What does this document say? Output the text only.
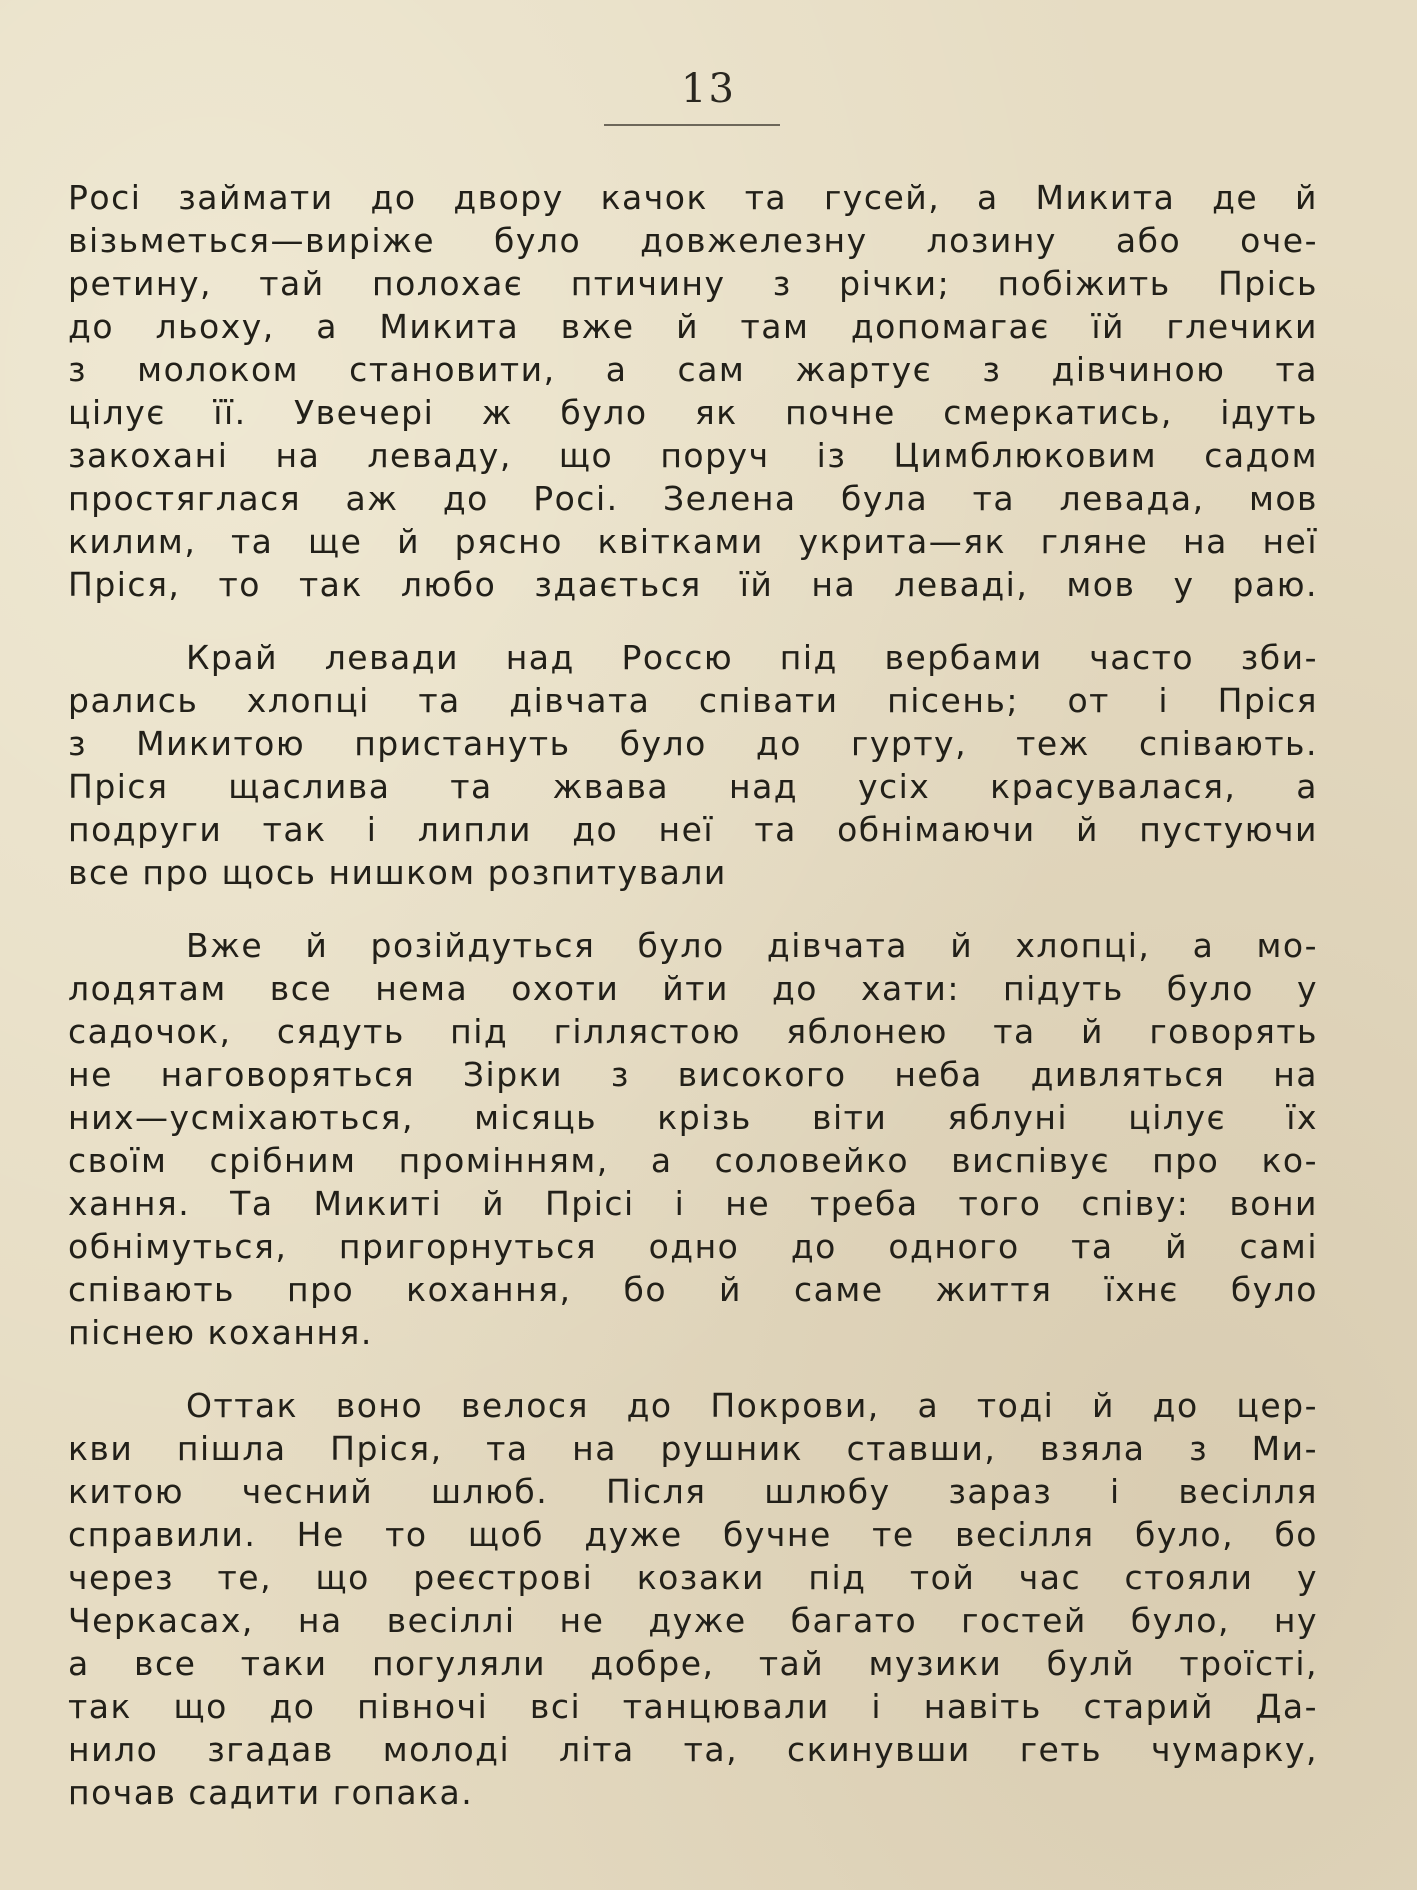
13

Росі займати до двору качок та гусей, а Микита де й
візьметься—виріже було довжелезну лозину або оче-
ретину, тай полохає птичину з річки; побіжить Прісь
до льоху, а Микита вже й там допомагає їй глечики
з молоком становити, а сам жартує з дівчиною та
цілує її. Увечері ж було як почне смеркатись, ідуть
закохані на леваду, що поруч із Цимблюковим садом
простяглася аж до Росі. Зелена була та левада, мов
килим, та ще й рясно квітками укрита—як гляне на неї
Пріся, то так любо здається їй на леваді, мов у раю.

Край левади над Россю під вербами часто зби-
рались хлопці та дівчата співати пісень; от і Пріся
з Микитою пристануть було до гурту, теж співають.
Пріся щаслива та жвава над усіх красувалася, а
подруги так і липли до неї та обнімаючи й пустуючи
все про щось нишком розпитували

Вже й розійдуться було дівчата й хлопці, а мо-
лодятам все нема охоти йти до хати: підуть було у
садочок, сядуть під гіллястою яблонею та й говорять
не наговоряться Зірки з високого неба дивляться на
них—усміхаються, місяць крізь віти яблуні цілує їх
своїм срібним промінням, а соловейко виспівує про ко-
хання. Та Микиті й Прісі і не треба того співу: вони
обнімуться, пригорнуться одно до одного та й самі
співають про кохання, бо й саме життя їхнє було
піснею кохання.

Оттак воно велося до Покрови, а тоді й до цер-
кви пішла Пріся, та на рушник ставши, взяла з Ми-
китою чесний шлюб. Після шлюбу зараз і весілля
справили. Не то щоб дуже бучне те весілля було, бо
через те, що реєстрові козаки під той час стояли у
Черкасах, на весіллі не дуже багато гостей було, ну
а все таки погуляли добре, тай музики булй троїсті,
так що до півночі всі танцювали і навіть старий Да-
нило згадав молоді літа та, скинувши геть чумарку,
почав садити гопака.
